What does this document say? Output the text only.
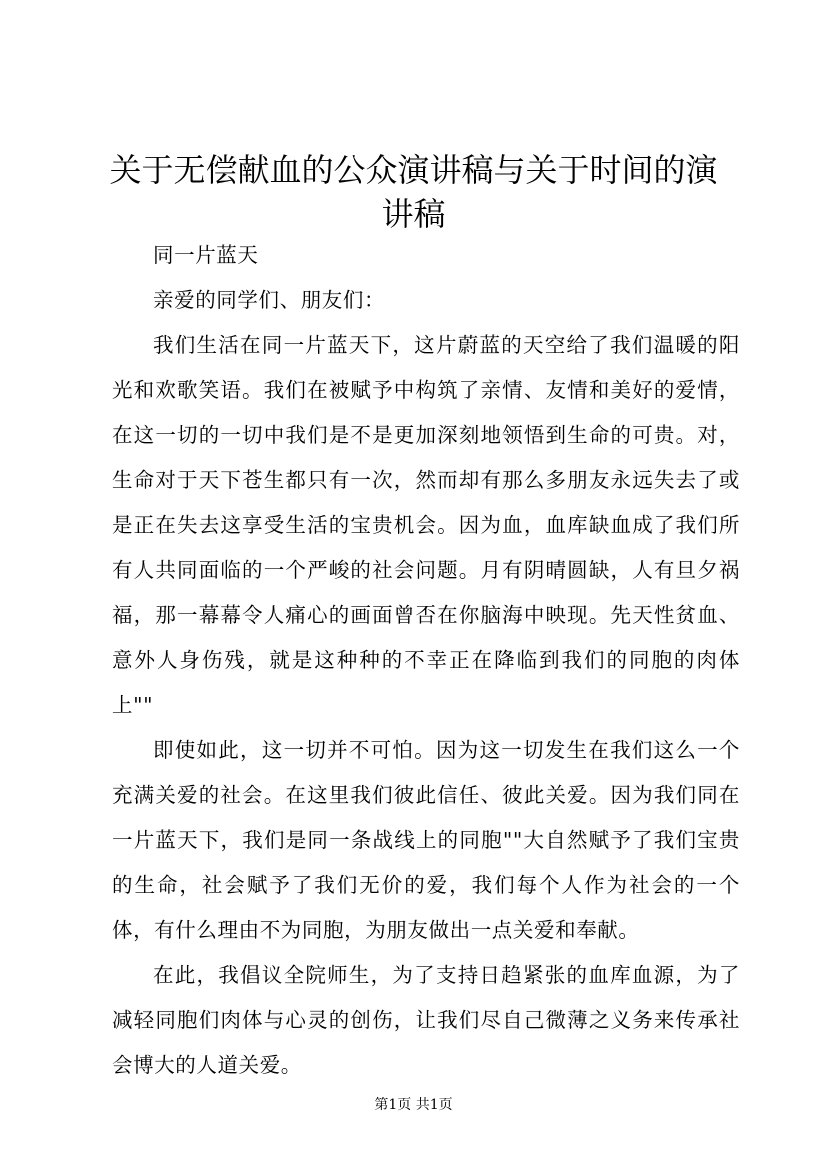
关于无偿献血的公众演讲稿与关于时间的演讲稿

同一片蓝天

亲爱的同学们、朋友们：

我们生活在同一片蓝天下，这片蔚蓝的天空给了我们温暖的阳光和欢歌笑语。我们在被赋予中构筑了亲情、友情和美好的爱情，在这一切的一切中我们是不是更加深刻地领悟到生命的可贵。对，生命对于天下苍生都只有一次，然而却有那么多朋友永远失去了或是正在失去这享受生活的宝贵机会。因为血，血库缺血成了我们所有人共同面临的一个严峻的社会问题。月有阴晴圆缺，人有旦夕祸福，那一幕幕令人痛心的画面曾否在你脑海中映现。先天性贫血、意外人身伤残，就是这种种的不幸正在降临到我们的同胞的肉体上""

即使如此，这一切并不可怕。因为这一切发生在我们这么一个充满关爱的社会。在这里我们彼此信任、彼此关爱。因为我们同在一片蓝天下，我们是同一条战线上的同胞""大自然赋予了我们宝贵的生命，社会赋予了我们无价的爱，我们每个人作为社会的一个体，有什么理由不为同胞，为朋友做出一点关爱和奉献。

在此，我倡议全院师生，为了支持日趋紧张的血库血源，为了减轻同胞们肉体与心灵的创伤，让我们尽自己微薄之义务来传承社会博大的人道关爱。

第1页 共1页
